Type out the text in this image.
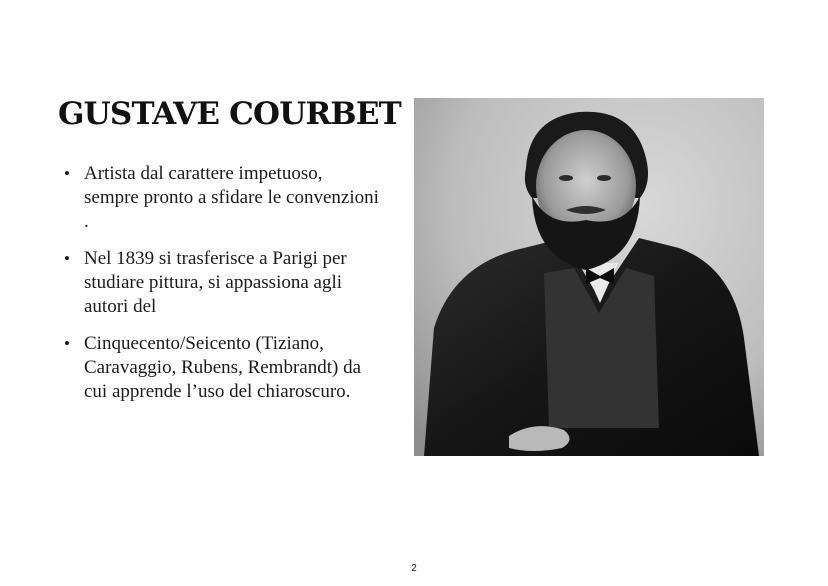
GUSTAVE COURBET
• Artista dal carattere impetuoso, sempre pronto a sfidare le convenzioni .
• Nel 1839 si trasferisce a Parigi per studiare pittura, si appassiona agli autori del
• Cinquecento/Seicento (Tiziano, Caravaggio, Rubens, Rembrandt) da cui apprende l’uso del chiaroscuro.
2
